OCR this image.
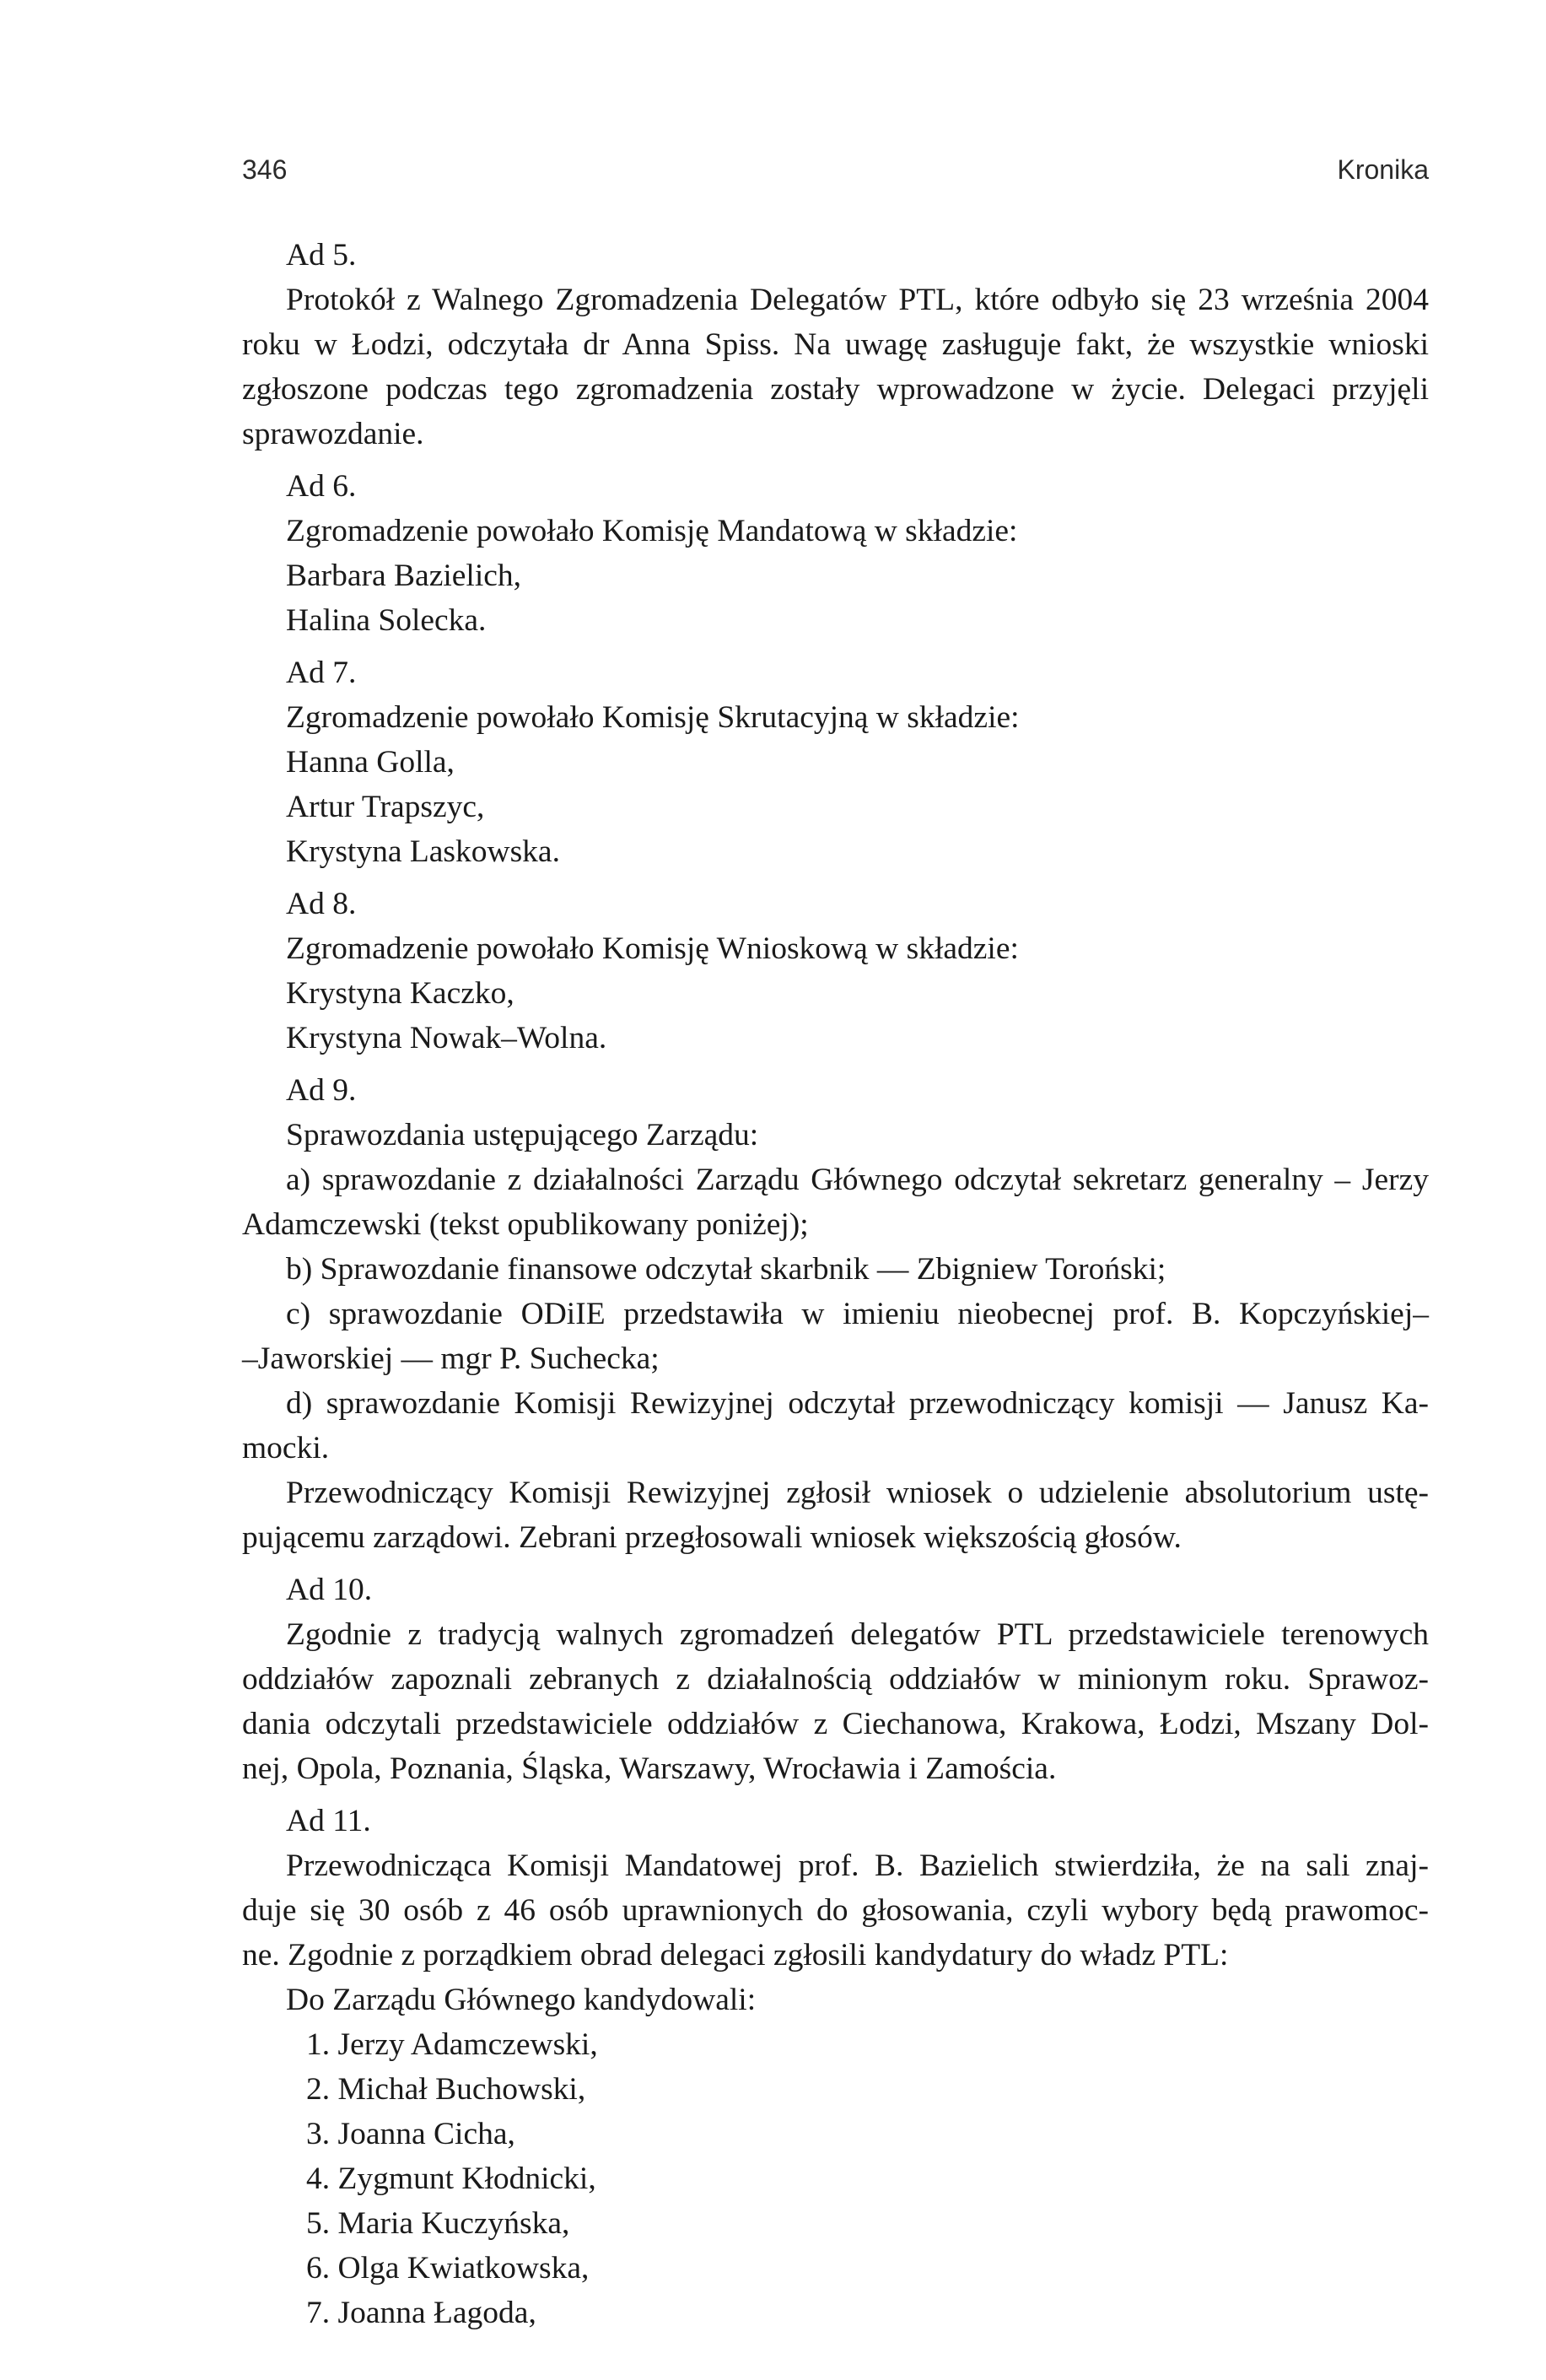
346	Kronika
Ad 5.
Protokół z Walnego Zgromadzenia Delegatów PTL, które odbyło się 23 września 2004
roku w Łodzi, odczytała dr Anna Spiss. Na uwagę zasługuje fakt, że wszystkie wnioski
zgłoszone podczas tego zgromadzenia zostały wprowadzone w życie. Delegaci przyjęli
sprawozdanie.
Ad 6.
Zgromadzenie powołało Komisję Mandatową w składzie:
Barbara Bazielich,
Halina Solecka.
Ad 7.
Zgromadzenie powołało Komisję Skrutacyjną w składzie:
Hanna Golla,
Artur Trapszyc,
Krystyna Laskowska.
Ad 8.
Zgromadzenie powołało Komisję Wnioskową w składzie:
Krystyna Kaczko,
Krystyna Nowak–Wolna.
Ad 9.
Sprawozdania ustępującego Zarządu:
a) sprawozdanie z działalności Zarządu Głównego odczytał sekretarz generalny – Jerzy
Adamczewski (tekst opublikowany poniżej);
b) Sprawozdanie finansowe odczytał skarbnik — Zbigniew Toroński;
c) sprawozdanie ODiIE przedstawiła w imieniu nieobecnej prof. B. Kopczyńskiej–
–Jaworskiej — mgr P. Suchecka;
d) sprawozdanie Komisji Rewizyjnej odczytał przewodniczący komisji — Janusz Ka-
mocki.
Przewodniczący Komisji Rewizyjnej zgłosił wniosek o udzielenie absolutorium ustę-
pującemu zarządowi. Zebrani przegłosowali wniosek większością głosów.
Ad 10.
Zgodnie z tradycją walnych zgromadzeń delegatów PTL przedstawiciele terenowych
oddziałów zapoznali zebranych z działalnością oddziałów w minionym roku. Sprawoz-
dania odczytali przedstawiciele oddziałów z Ciechanowa, Krakowa, Łodzi, Mszany Dol-
nej, Opola, Poznania, Śląska, Warszawy, Wrocławia i Zamościa.
Ad 11.
Przewodnicząca Komisji Mandatowej prof. B. Bazielich stwierdziła, że na sali znaj-
duje się 30 osób z 46 osób uprawnionych do głosowania, czyli wybory będą prawomoc-
ne. Zgodnie z porządkiem obrad delegaci zgłosili kandydatury do władz PTL:
Do Zarządu Głównego kandydowali:
1. Jerzy Adamczewski,
2. Michał Buchowski,
3. Joanna Cicha,
4. Zygmunt Kłodnicki,
5. Maria Kuczyńska,
6. Olga Kwiatkowska,
7. Joanna Łagoda,
